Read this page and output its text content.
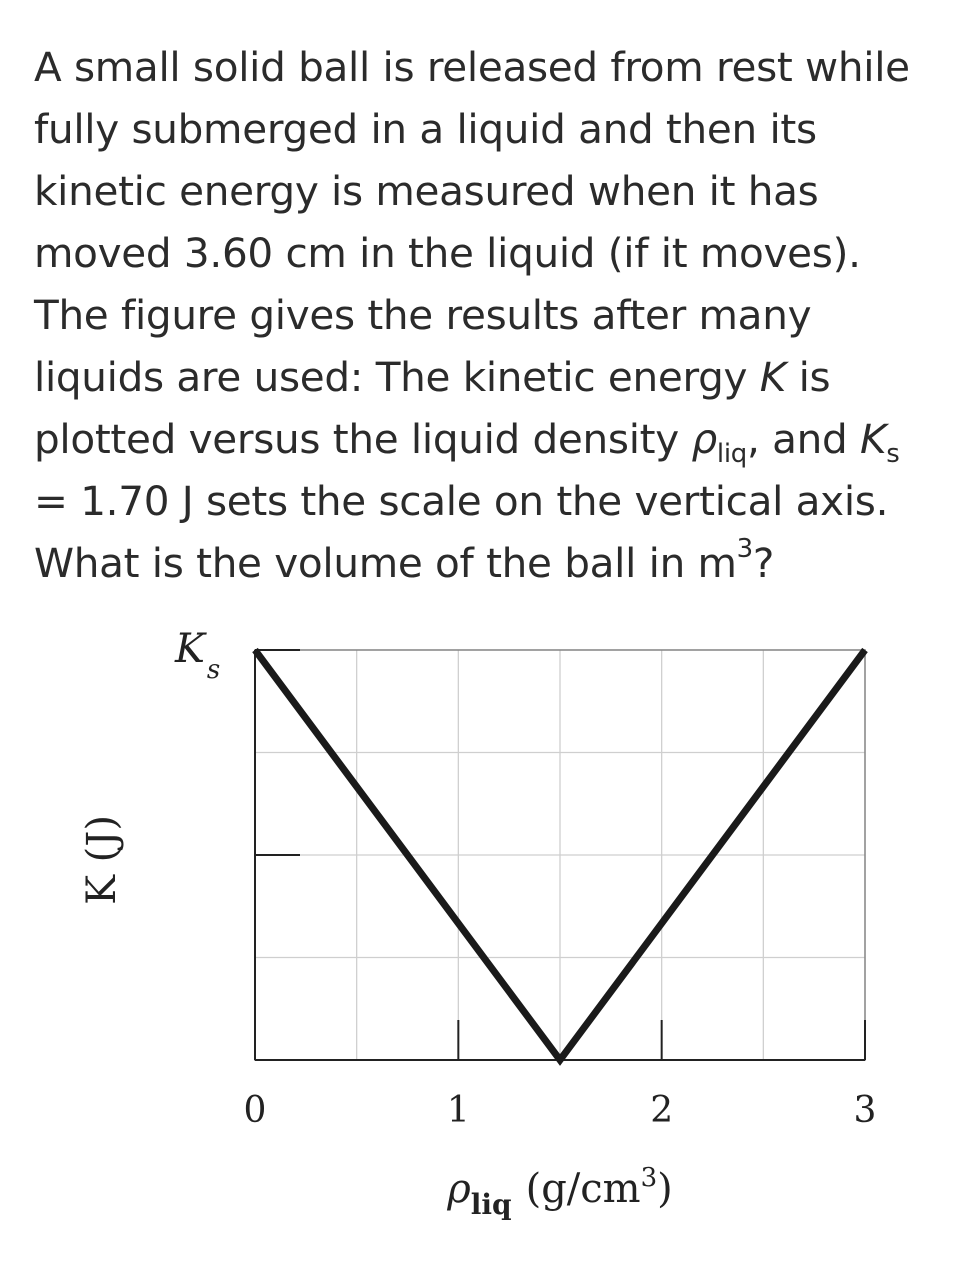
A small solid ball is released from rest while fully submerged in a liquid and then its kinetic energy is measured when it has moved 3.60 cm in the liquid (if it moves). The figure gives the results after many liquids are used: The kinetic energy K is plotted versus the liquid density $\rho_{liq}$, and $K_s = 1.70$ J sets the scale on the vertical axis. What is the volume of the ball in $m^3$?
0	1	2	3
$K_s$
K (J)
$\rho_{liq}$ $(g/cm^3)$
